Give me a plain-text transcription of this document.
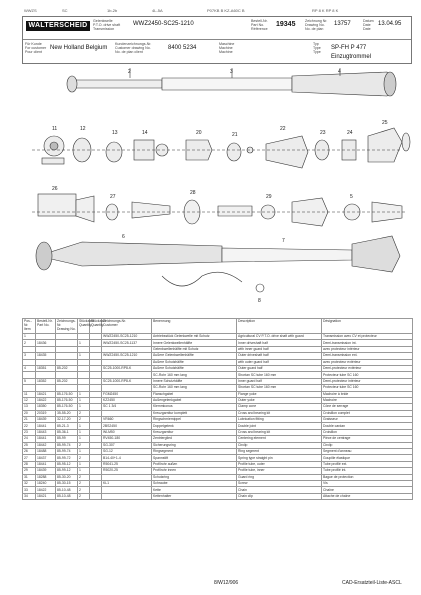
WWZS	SC	1b-2b	4L-5A	P07KB B KZ-A60C B	RP 8 K RP 8 K
WALTERSCHEID
Gelenkwelle
P.T.O. drive shaft
Transmission
WWZ2450-SC25-1210	Bestell-Nr.
Part No.
Référence
19345	Zeichnung Nr.
Drawing No.
No. de plan
13757	Datum
Date
Date
13.04.95
Für Kunde
For customer
Pour client
New Holland Belgium
Kundenzeichnungs-Nr.
Customer drawing No.
No. de plan client
8400 5234
Maschine
Machine
Machine
Typ
Type
Type
SP-FH P 477
Einzugtrommel
2	3	4
11	12
13	14	20	21
22
23	24
25
26
27
28
29	5
6
7
8
Pos.-Nr.
Item	Bestell-Nr.
Part No.	Zeichnungs-Nr.
Drawing No.	Stückzahl
Quantity	Stückzahl
Quantity	Zeichnungs-Nr.
Customer	Benennung	Description	Désignation
1					WWZ2450-SC25-1210	Antriebsstück Gelenkwelle mit Schutz	Agricultural CV P.T.O. drive shaft with guard	Transmission avec CV et protecteur
2	18436		1		WWZ2450-SC25-1137	Innere Gelenkwellenhälfte	Inner driveshaft half	Demi-transmission int.
						Gelenkwellenhälfte mit Schutz	with inner guard half	avec protecteur intérieur
3	18435		1		WWZ2450-SC25-1210	Äußere Gelenkwellenhälfte	Outer driveshaft half	Demi-transmission ext.
						Äußere Schutzhälfte	with outer guard half	avec protecteur extérieur
4	18351	85-202			SC25-1000-RP8-K	Äußere Schutzhälfte	Outer guard half	Demi-protecteur extérieur
						SC-Rohr 160 mm lang	Shortan SC tube 160 mm	Protecteur tube SC 160
5	18352	85-202			SC25-1000-RP8-K	Innere Schutzhälfte	Inner guard half	Demi-protecteur intérieur
						SC-Rohr 160 mm lang	Shortan SC tube 160 mm	Protecteur tube SC 160
11	18421	85-176-50	1		FGM2450	Flanschgabel	Flange yoke	Machoire à bride
12	18422	85-176-50	1		KZ2450	Außengelenkgabel	Outer yoke	Machoire
13	18350	85-176-50	1		SC 1 3/4	Klemmkonus	Clamp cone	Cône de serrage
20	20319	35-55-20	2			Kreuzgarnitur komplett	Cross and bearing kit	Croisillon complet
21	18439	32-17-20	2		VR660	Ringschmiernippel	Lubrication fitting	Graisseur
22	18441	85-21-3	1		2BS2450	Doppelgelenk	Double joint	Double cardan
23	18443	85-36-1	1		WLM50	Kreuzgarnitur	Cross and bearing kit	Croisillon
24	18441	85-99	1		RV450-180	Zentrierglied	Centering element	Pièce de centrage
25	18442	85-99-74	2		SG-307	Sicherungsring	Circlip	Circlip
26	18488	85-99-74	1		SG-12	Ringsegment	Ring segment	Segment d'anneau
27	18437	85-99-72	2		B14-40+1-4	Spannstift	Spring type straight pin	Goupille élastique
28	18441	85-95-12	1		R5041-25	Profilrohr außen	Profile tube, outer	Tube profilé ext.
29	18439	85-99-12	1		R5020-25	Profilrohr innen	Profile tube, inner	Tube profilé int.
31	18288	85-30-20	2			Schutzring	Guard ring	Bague de protection
32	18240	85-30-15	2		KL1	Schraube	Screw	Vis
33	18422	85-10-48	2			Kette	Chain	Chaîne
34	18421	85-10-48	2			Kettenhalter	Chain clip	Attache de chaîne
8/W12/906	CAD-Ersatzteil-Liste-ASCL
